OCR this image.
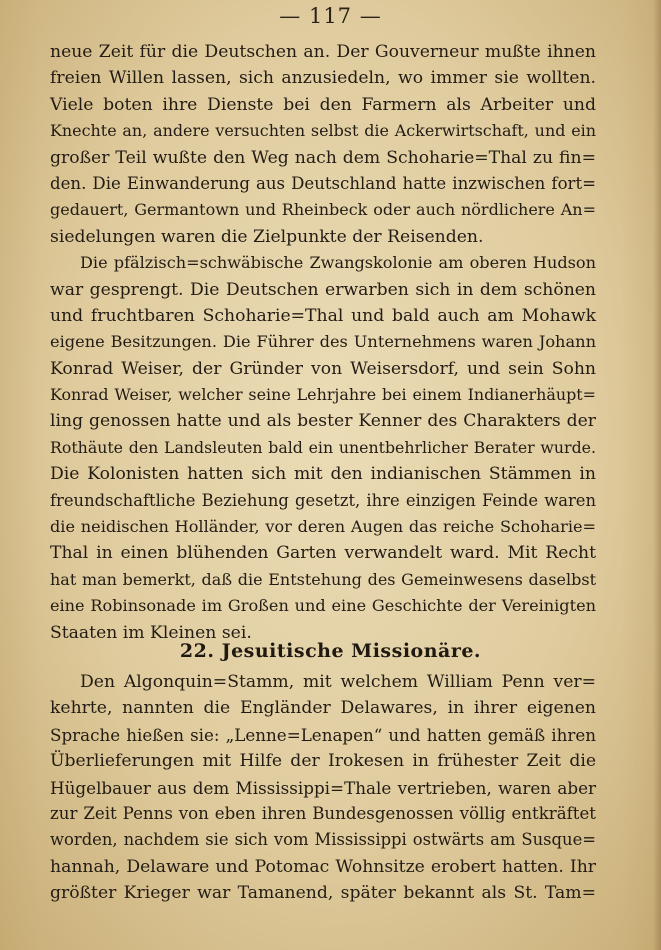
— 117 —
neue Zeit für die Deutschen an. Der Gouverneur mußte ihnen
freien Willen lassen, sich anzusiedeln, wo immer sie wollten.
Viele boten ihre Dienste bei den Farmern als Arbeiter und
Knechte an, andere versuchten selbst die Ackerwirtschaft, und ein
großer Teil wußte den Weg nach dem Schoharie=Thal zu fin=
den. Die Einwanderung aus Deutschland hatte inzwischen fort=
gedauert, Germantown und Rheinbeck oder auch nördlichere An=
siedelungen waren die Zielpunkte der Reisenden.
Die pfälzisch=schwäbische Zwangskolonie am oberen Hudson
war gesprengt. Die Deutschen erwarben sich in dem schönen
und fruchtbaren Schoharie=Thal und bald auch am Mohawk
eigene Besitzungen. Die Führer des Unternehmens waren Johann
Konrad Weiser, der Gründer von Weisersdorf, und sein Sohn
Konrad Weiser, welcher seine Lehrjahre bei einem Indianerhäupt=
ling genossen hatte und als bester Kenner des Charakters der
Rothäute den Landsleuten bald ein unentbehrlicher Berater wurde.
Die Kolonisten hatten sich mit den indianischen Stämmen in
freundschaftliche Beziehung gesetzt, ihre einzigen Feinde waren
die neidischen Holländer, vor deren Augen das reiche Schoharie=
Thal in einen blühenden Garten verwandelt ward. Mit Recht
hat man bemerkt, daß die Entstehung des Gemeinwesens daselbst
eine Robinsonade im Großen und eine Geschichte der Vereinigten
Staaten im Kleinen sei.
22. Jesuitische Missionäre.
Den Algonquin=Stamm, mit welchem William Penn ver=
kehrte, nannten die Engländer Delawares, in ihrer eigenen
Sprache hießen sie: „Lenne=Lenapen“ und hatten gemäß ihren
Überlieferungen mit Hilfe der Irokesen in frühester Zeit die
Hügelbauer aus dem Mississippi=Thale vertrieben, waren aber
zur Zeit Penns von eben ihren Bundesgenossen völlig entkräftet
worden, nachdem sie sich vom Mississippi ostwärts am Susque=
hannah, Delaware und Potomac Wohnsitze erobert hatten. Ihr
größter Krieger war Tamanend, später bekannt als St. Tam=
